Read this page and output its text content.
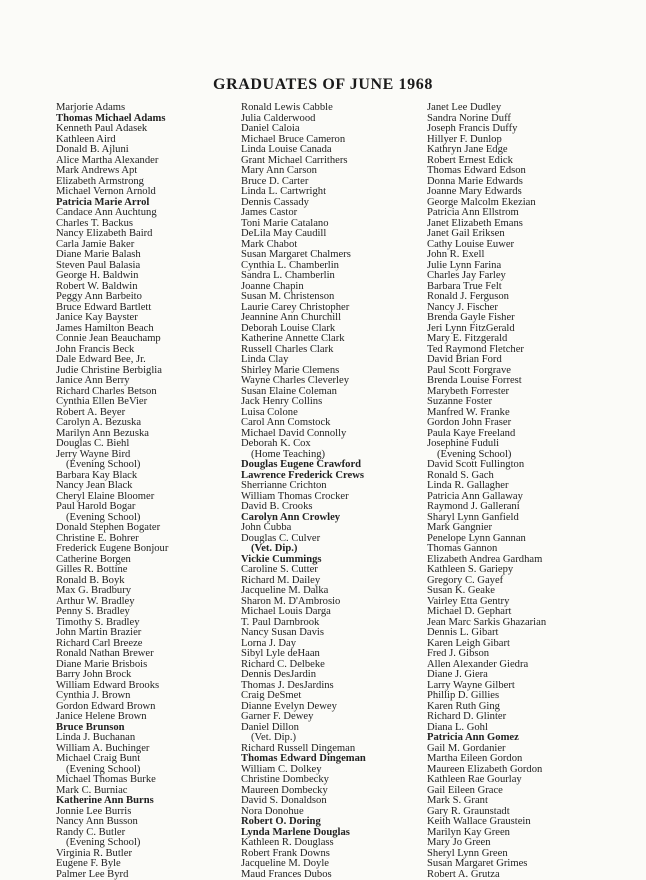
GRADUATES OF JUNE 1968
Marjorie Adams
Thomas Michael Adams
Kenneth Paul Adasek
Kathleen Aird
Donald B. Ajluni
Alice Martha Alexander
Mark Andrews Apt
Elizabeth Armstrong
Michael Vernon Arnold
Patricia Marie Arrol
Candace Ann Auchtung
Charles T. Backus
Nancy Elizabeth Baird
Carla Jamie Baker
Diane Marie Balash
Steven Paul Balasia
George H. Baldwin
Robert W. Baldwin
Peggy Ann Barbeito
Bruce Edward Bartlett
Janice Kay Bayster
James Hamilton Beach
Connie Jean Beauchamp
John Francis Beck
Dale Edward Bee, Jr.
Judie Christine Berbiglia
Janice Ann Berry
Richard Charles Betson
Cynthia Ellen BeVier
Robert A. Beyer
Carolyn A. Bezuska
Marilyn Ann Bezuska
Douglas C. Biehl
Jerry Wayne Bird
(Evening School)
Barbara Kay Black
Nancy Jean Black
Cheryl Elaine Bloomer
Paul Harold Bogar
(Evening School)
Donald Stephen Bogater
Christine E. Bohrer
Frederick Eugene Bonjour
Catherine Borgen
Gilles R. Bottine
Ronald B. Boyk
Max G. Bradbury
Arthur W. Bradley
Penny S. Bradley
Timothy S. Bradley
John Martin Brazier
Richard Carl Breeze
Ronald Nathan Brewer
Diane Marie Brisbois
Barry John Brock
William Edward Brooks
Cynthia J. Brown
Gordon Edward Brown
Janice Helene Brown
Bruce Brunson
Linda J. Buchanan
William A. Buchinger
Michael Craig Bunt
(Evening School)
Michael Thomas Burke
Mark C. Burniac
Katherine Ann Burns
Jonnie Lee Burris
Nancy Ann Busson
Randy C. Butler
(Evening School)
Virginia R. Butler
Eugene F. Byle
Palmer Lee Byrd
Ronald Lewis Cabble
Julia Calderwood
Daniel Caloia
Michael Bruce Cameron
Linda Louise Canada
Grant Michael Carrithers
Mary Ann Carson
Bruce D. Carter
Linda L. Cartwright
Dennis Cassady
James Castor
Toni Marie Catalano
DeLila May Caudill
Mark Chabot
Susan Margaret Chalmers
Cynthia L. Chamberlin
Sandra L. Chamberlin
Joanne Chapin
Susan M. Christenson
Laurie Carey Christopher
Jeannine Ann Churchill
Deborah Louise Clark
Katherine Annette Clark
Russell Charles Clark
Linda Clay
Shirley Marie Clemens
Wayne Charles Cleverley
Susan Elaine Coleman
Jack Henry Collins
Luisa Colone
Carol Ann Comstock
Michael David Connolly
Deborah K. Cox
(Home Teaching)
Douglas Eugene Crawford
Lawrence Frederick Crews
Sherrianne Crichton
William Thomas Crocker
David B. Crooks
Carolyn Ann Crowley
John Cubba
Douglas C. Culver
(Vet. Dip.)
Vickie Cummings
Caroline S. Cutter
Richard M. Dailey
Jacqueline M. Dalka
Sharon M. D'Ambrosio
Michael Louis Darga
T. Paul Darnbrook
Nancy Susan Davis
Lorna J. Day
Sibyl Lyle deHaan
Richard C. Delbeke
Dennis DesJardin
Thomas J. DesJardins
Craig DeSmet
Dianne Evelyn Dewey
Garner F. Dewey
Daniel Dillon
(Vet. Dip.)
Richard Russell Dingeman
Thomas Edward Dingeman
William C. Dolkey
Christine Dombecky
Maureen Dombecky
David S. Donaldson
Nora Donohue
Robert O. Doring
Lynda Marlene Douglas
Kathleen R. Douglass
Robert Frank Downs
Jacqueline M. Doyle
Maud Frances Dubos
Janet Lee Dudley
Sandra Norine Duff
Joseph Francis Duffy
Hillyer F. Dunlop
Kathryn Jane Edge
Robert Ernest Edick
Thomas Edward Edson
Donna Marie Edwards
Joanne Mary Edwards
George Malcolm Ekezian
Patricia Ann Ellstrom
Janet Elizabeth Emans
Janet Gail Eriksen
Cathy Louise Euwer
John R. Exell
Julie Lynn Farina
Charles Jay Farley
Barbara True Felt
Ronald J. Ferguson
Nancy J. Fischer
Brenda Gayle Fisher
Jeri Lynn FitzGerald
Mary E. Fitzgerald
Ted Raymond Fletcher
David Brian Ford
Paul Scott Forgrave
Brenda Louise Forrest
Marybeth Forrester
Suzanne Foster
Manfred W. Franke
Gordon John Fraser
Paula Kaye Freeland
Josephine Fuduli
(Evening School)
David Scott Fullington
Ronald S. Gach
Linda R. Gallagher
Patricia Ann Gallaway
Raymond J. Gallerani
Sharyl Lynn Ganfield
Mark Gangnier
Penelope Lynn Gannan
Thomas Gannon
Elizabeth Andrea Gardham
Kathleen S. Gariepy
Gregory C. Gayef
Susan K. Geake
Vairley Etta Gentry
Michael D. Gephart
Jean Marc Sarkis Ghazarian
Dennis L. Gibart
Karen Leigh Gibart
Fred J. Gibson
Allen Alexander Giedra
Diane J. Giera
Larry Wayne Gilbert
Phillip D. Gillies
Karen Ruth Ging
Richard D. Glinter
Diana L. Gohl
Patricia Ann Gomez
Gail M. Gordanier
Martha Eileen Gordon
Maureen Elizabeth Gordon
Kathleen Rae Gourlay
Gail Eileen Grace
Mark S. Grant
Gary R. Graunstadt
Keith Wallace Graustein
Marilyn Kay Green
Mary Jo Green
Sheryl Lynn Green
Susan Margaret Grimes
Robert A. Grutza
